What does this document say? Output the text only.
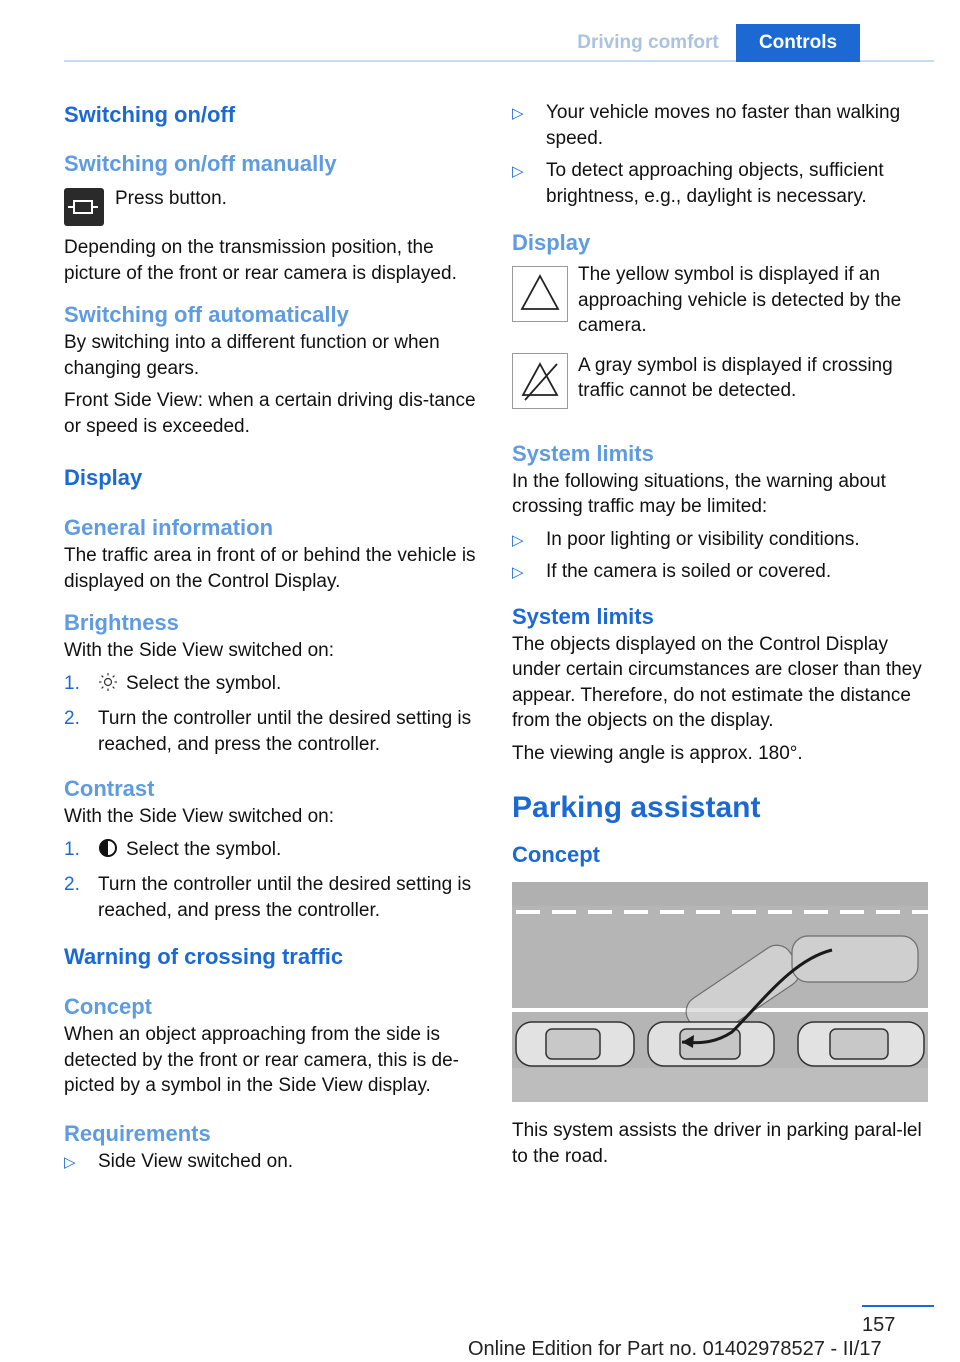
Driving comfort	Controls
Switching on/off
Switching on/off manually

Press button.

Depending on the transmission position, the picture of the front or rear camera is displayed.

Switching off automatically

By switching into a different function or when changing gears.

Front Side View: when a certain driving dis‐tance or speed is exceeded.

Display
General information

The traffic area in front of or behind the vehicle is displayed on the Control Display.

Brightness

With the Side View switched on:

1. Select the symbol.
2. Turn the controller until the desired setting is reached, and press the controller.
Contrast

With the Side View switched on:

1. Select the symbol.
2. Turn the controller until the desired setting is reached, and press the controller.
Warning of crossing traffic
Concept

When an object approaching from the side is detected by the front or rear camera, this is de‐picted by a symbol in the Side View display.

Requirements
▷ Side View switched on.
▷ Your vehicle moves no faster than walking speed.
▷ To detect approaching objects, sufficient brightness, e.g., daylight is necessary.
Display

The yellow symbol is displayed if an approaching vehicle is detected by the camera.

A gray symbol is displayed if crossing traffic cannot be detected.

System limits

In the following situations, the warning about crossing traffic may be limited:

▷ In poor lighting or visibility conditions.
▷ If the camera is soiled or covered.
System limits

The objects displayed on the Control Display under certain circumstances are closer than they appear. Therefore, do not estimate the distance from the objects on the display.

The viewing angle is approx. 180°.

Parking assistant
Concept

This system assists the driver in parking paral‐lel to the road.

157
Online Edition for Part no. 01402978527 - II/17
